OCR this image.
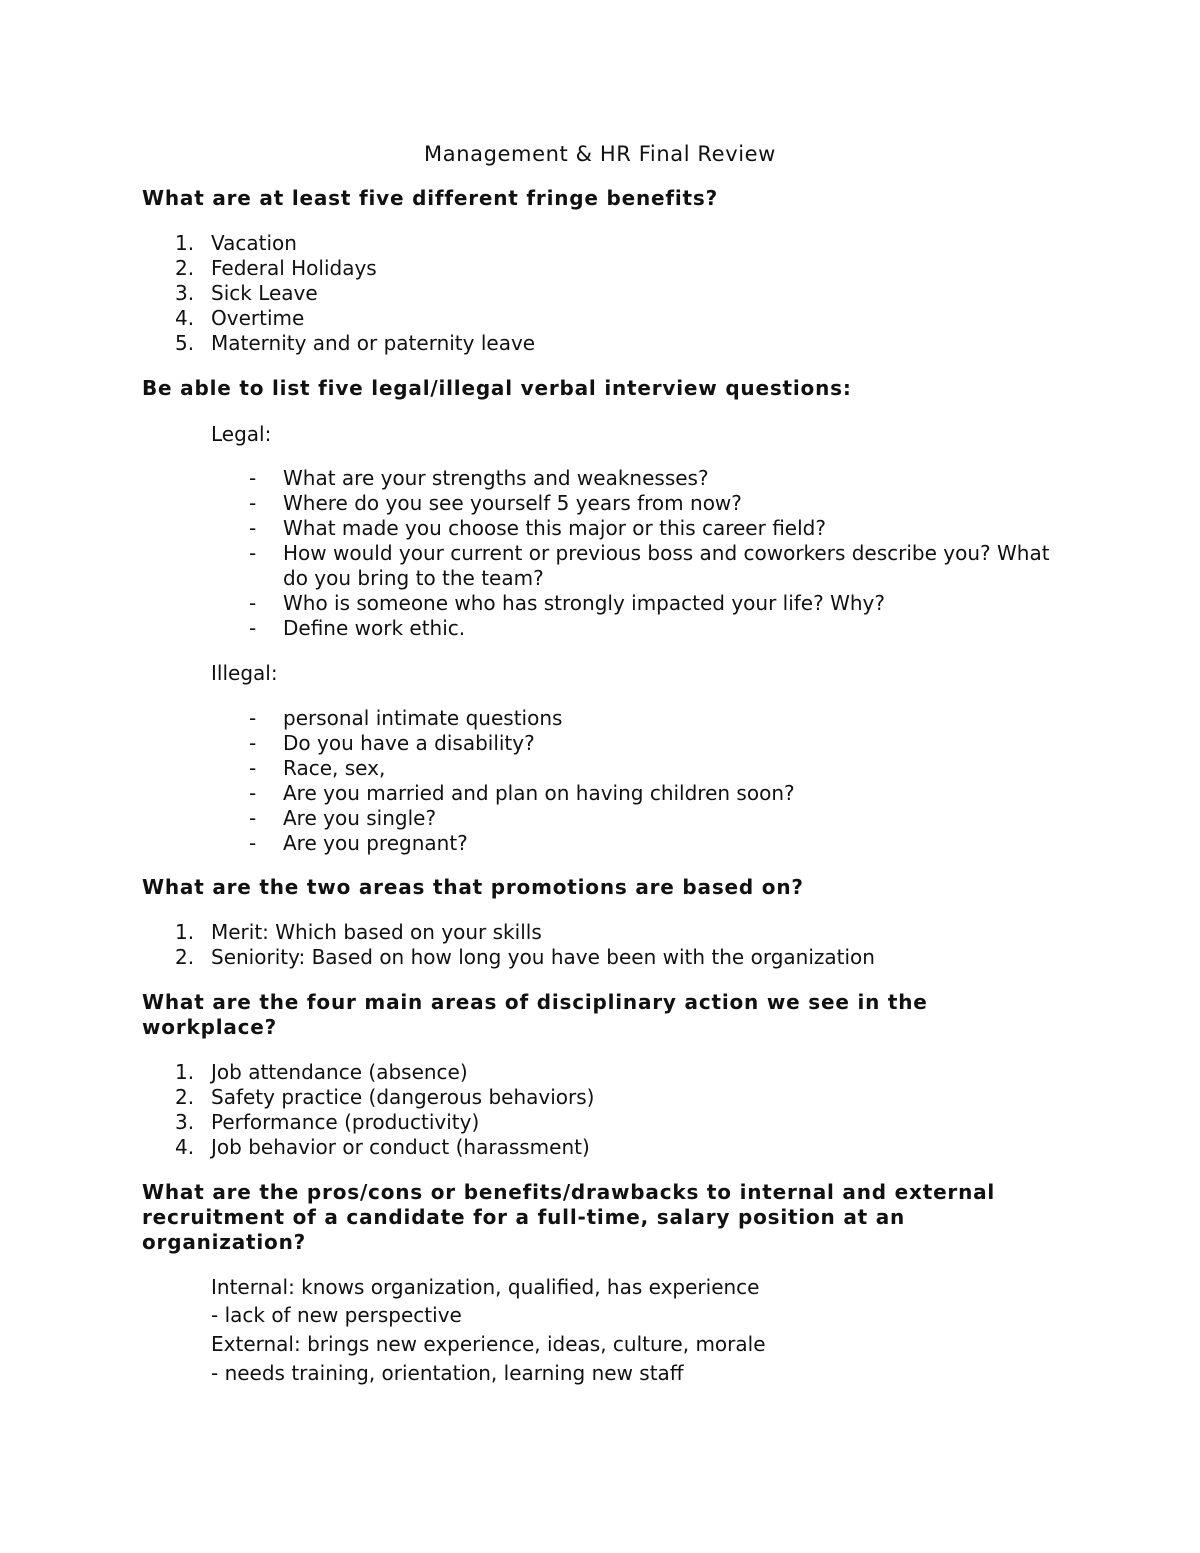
Management & HR Final Review
What are at least five different fringe benefits?
1. Vacation
2. Federal Holidays
3. Sick Leave
4. Overtime
5. Maternity and or paternity leave
Be able to list five legal/illegal verbal interview questions:
Legal:
- What are your strengths and weaknesses?
- Where do you see yourself 5 years from now?
- What made you choose this major or this career field?
- How would your current or previous boss and coworkers describe you? What do you bring to the team?
- Who is someone who has strongly impacted your life? Why?
- Define work ethic.
Illegal:
- personal intimate questions
- Do you have a disability?
- Race, sex,
- Are you married and plan on having children soon?
- Are you single?
- Are you pregnant?
What are the two areas that promotions are based on?
1. Merit: Which based on your skills
2. Seniority: Based on how long you have been with the organization
What are the four main areas of disciplinary action we see in the workplace?
1. Job attendance (absence)
2. Safety practice (dangerous behaviors)
3. Performance (productivity)
4. Job behavior or conduct (harassment)
What are the pros/cons or benefits/drawbacks to internal and external recruitment of a candidate for a full-time, salary position at an organization?
Internal: knows organization, qualified, has experience
- lack of new perspective
External: brings new experience, ideas, culture, morale
- needs training, orientation, learning new staff
